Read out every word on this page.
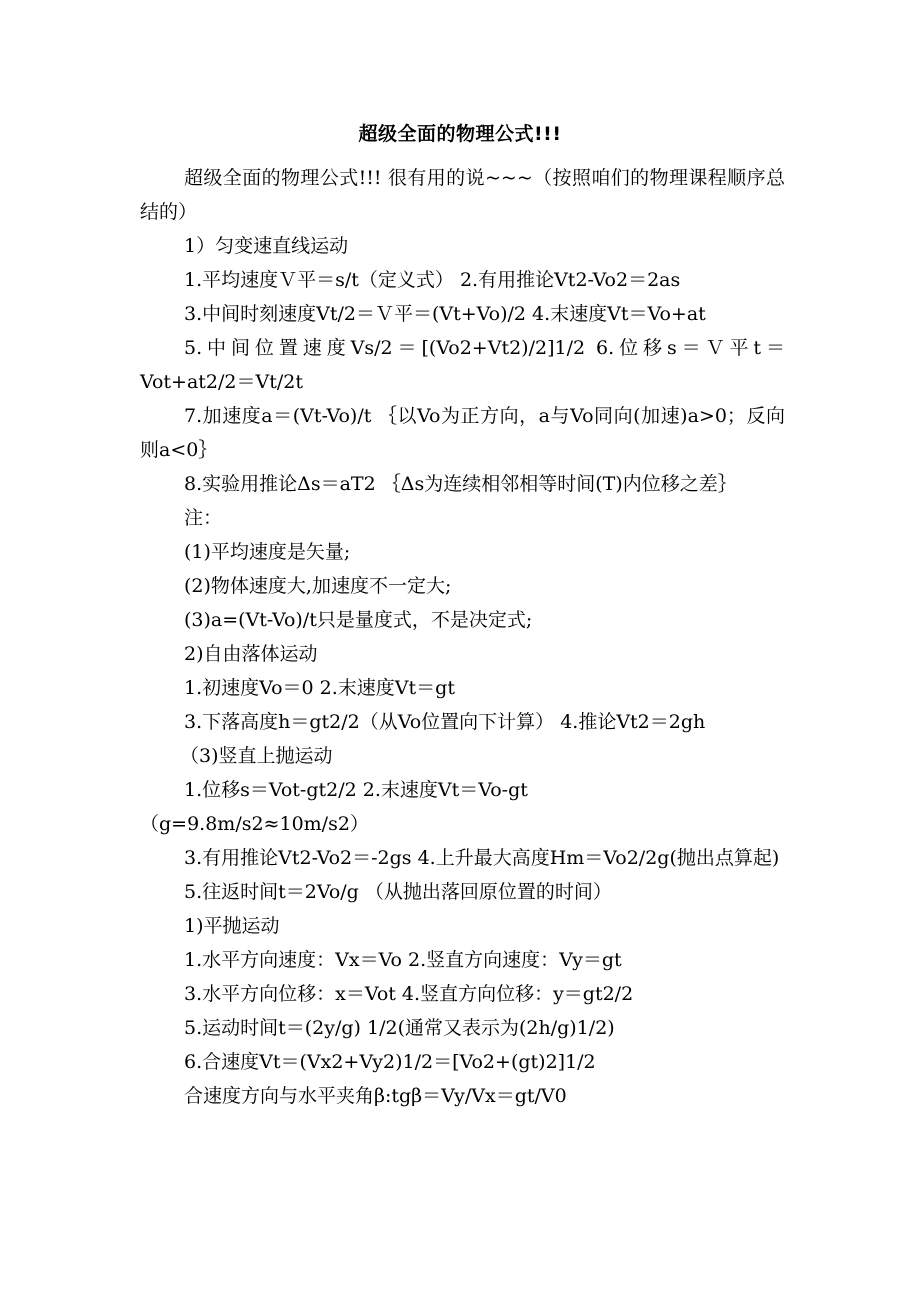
超级全面的物理公式!!!

超级全面的物理公式!!! 很有用的说~~~（按照咱们的物理课程顺序总结的）

1）匀变速直线运动

1.平均速度Ｖ平＝s/t（定义式） 2.有用推论Vt2-Vo2＝2as

3.中间时刻速度Vt/2＝Ｖ平＝(Vt+Vo)/2 4.末速度Vt＝Vo+at

5.中间位置速度Vs/2＝[(Vo2+Vt2)/2]1/2 6.位移s＝Ｖ平t＝Vot+at2/2＝Vt/2t

7.加速度a＝(Vt-Vo)/t ｛以Vo为正方向，a与Vo同向(加速)a>0；反向则a<0｝

8.实验用推论Δs＝aT2 ｛Δs为连续相邻相等时间(T)内位移之差｝

注：

(1)平均速度是矢量;

(2)物体速度大,加速度不一定大;

(3)a=(Vt-Vo)/t只是量度式，不是决定式;

2)自由落体运动

1.初速度Vo＝0 2.末速度Vt＝gt

3.下落高度h＝gt2/2（从Vo位置向下计算） 4.推论Vt2＝2gh

（3)竖直上抛运动

1.位移s＝Vot-gt2/2 2.末速度Vt＝Vo-gt

（g=9.8m/s2≈10m/s2）

3.有用推论Vt2-Vo2＝-2gs 4.上升最大高度Hm＝Vo2/2g(抛出点算起)

5.往返时间t＝2Vo/g （从抛出落回原位置的时间）

1)平抛运动

1.水平方向速度：Vx＝Vo 2.竖直方向速度：Vy＝gt

3.水平方向位移：x＝Vot 4.竖直方向位移：y＝gt2/2

5.运动时间t＝(2y/g) 1/2(通常又表示为(2h/g)1/2)

6.合速度Vt＝(Vx2+Vy2)1/2＝[Vo2+(gt)2]1/2

合速度方向与水平夹角β:tgβ＝Vy/Vx＝gt/V0
